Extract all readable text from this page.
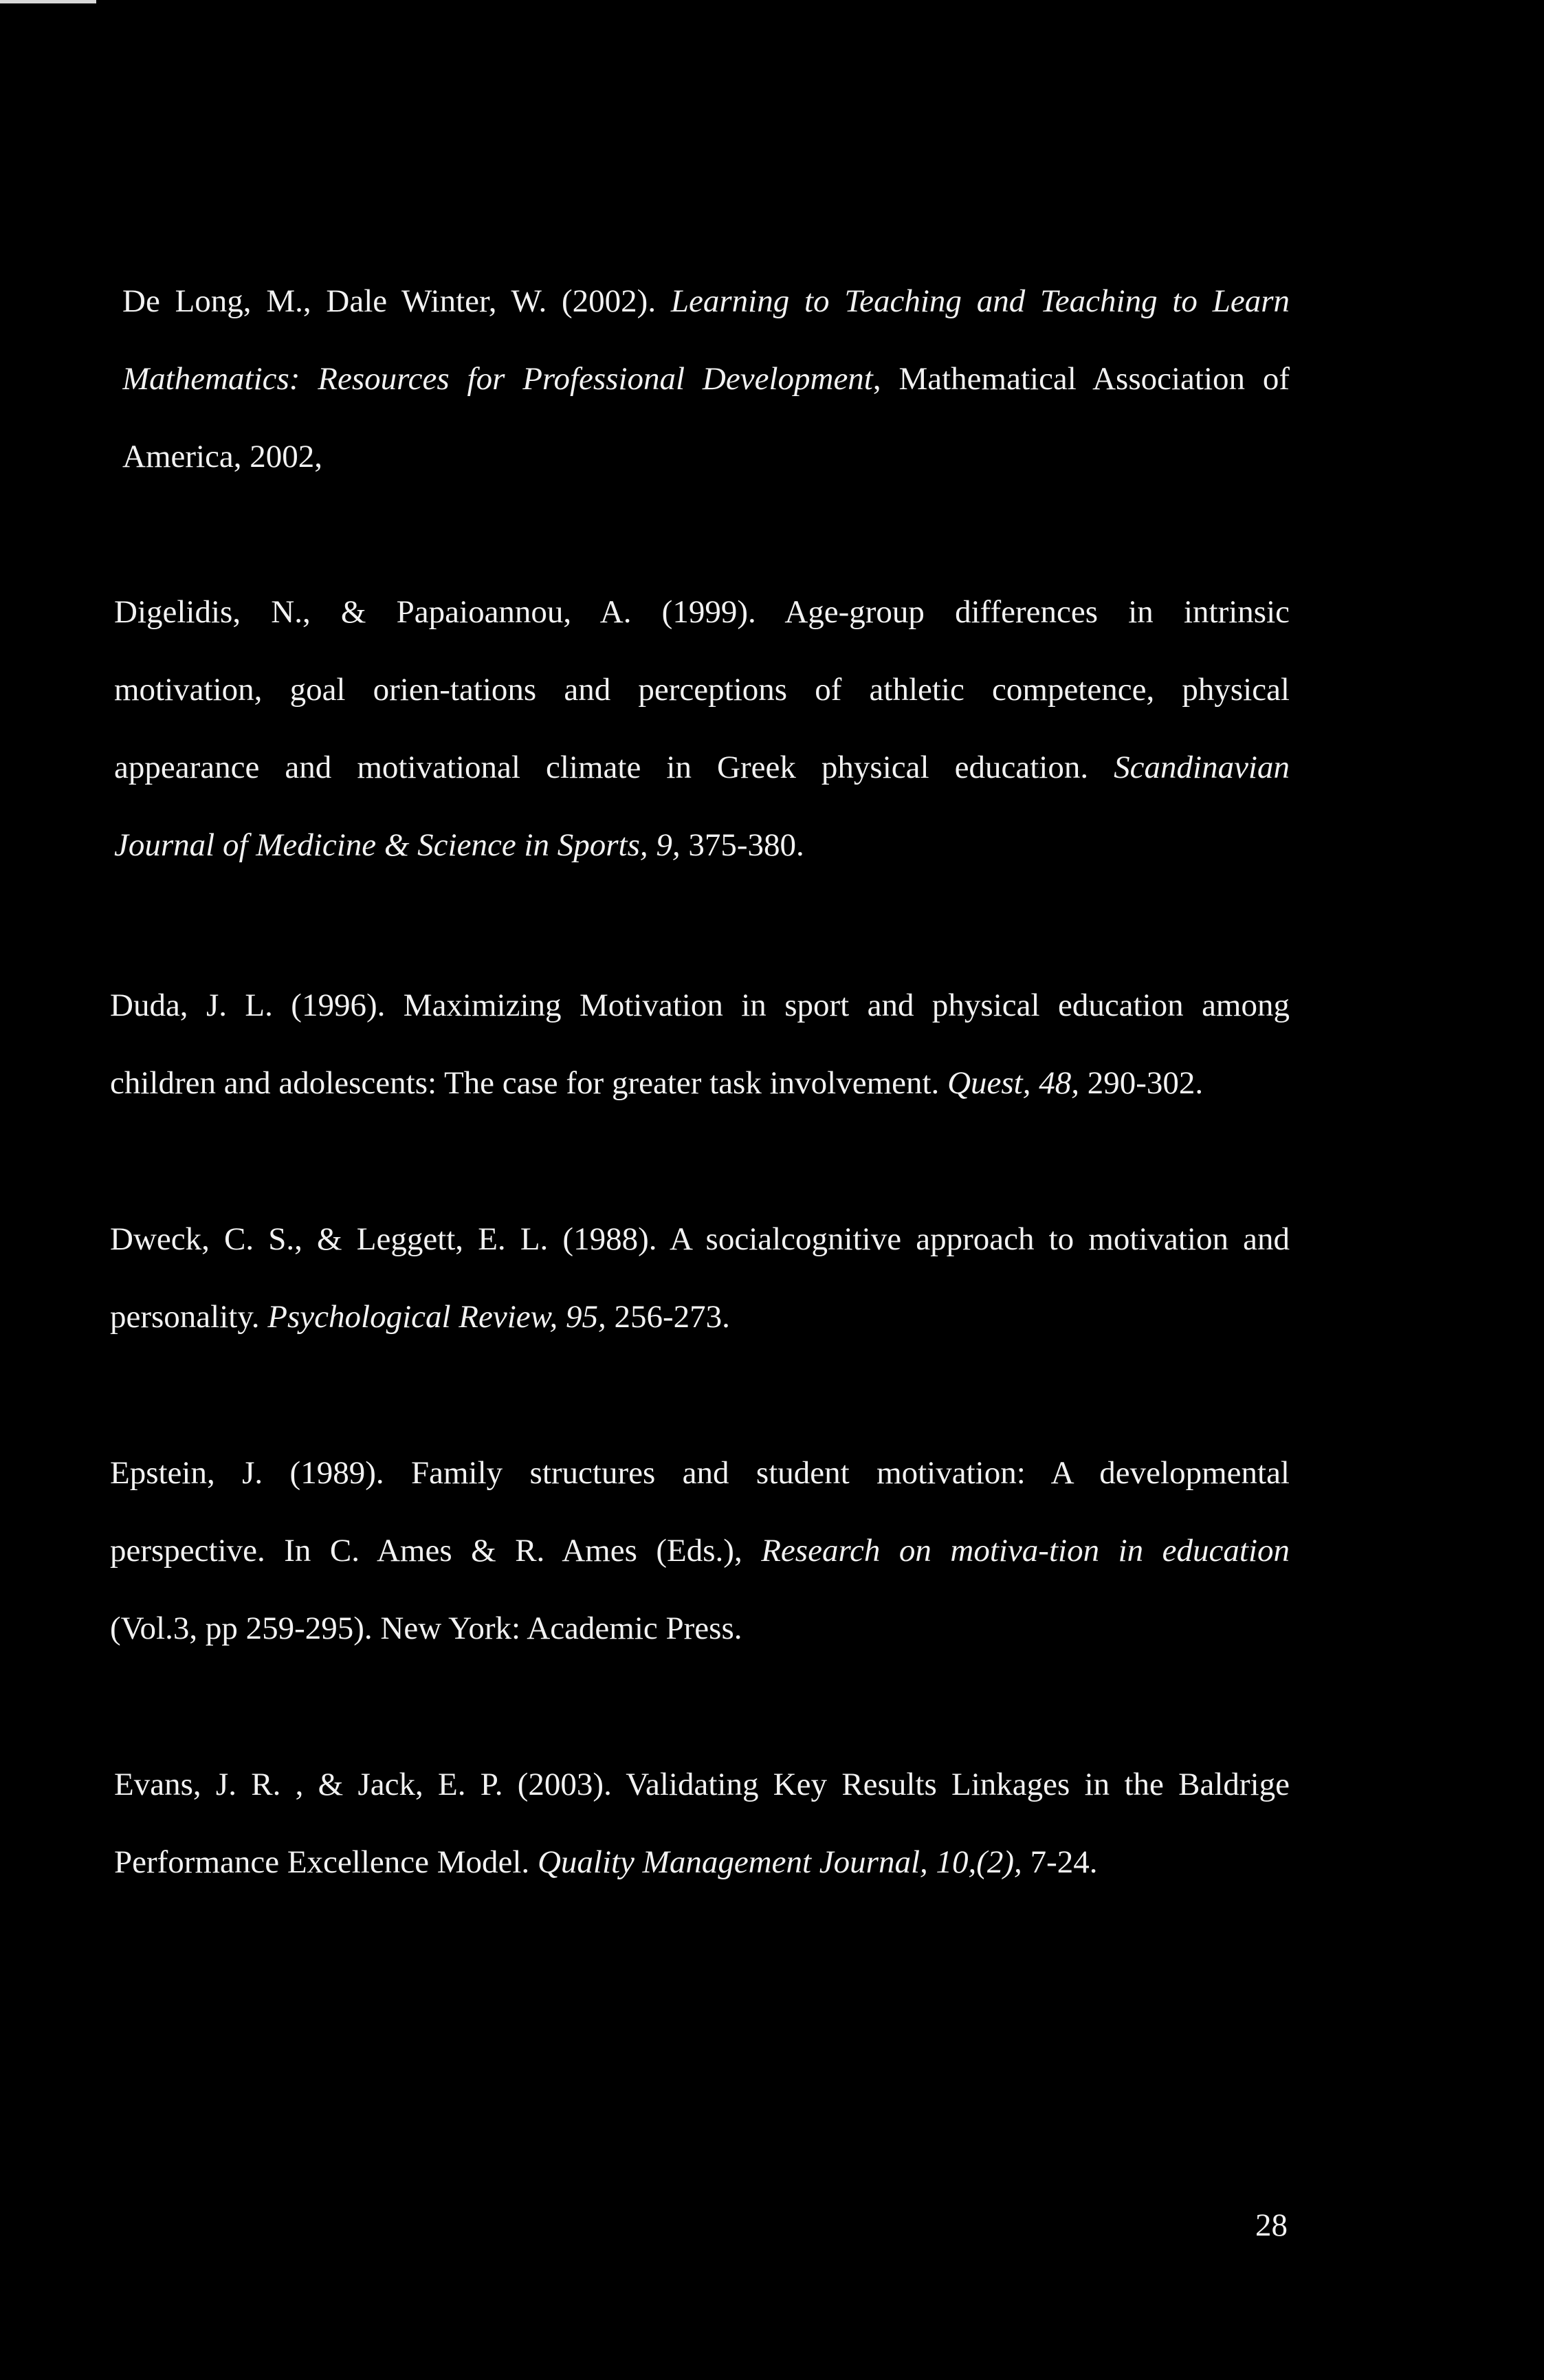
De Long, M., Dale Winter, W. (2002). Learning to Teaching and Teaching to Learn
Mathematics: Resources for Professional Development, Mathematical Association of
America, 2002,
Digelidis, N., & Papaioannou, A. (1999). Age-group differences in intrinsic
motivation, goal orien-tations and perceptions of athletic competence, physical
appearance and motivational climate in Greek physical education. Scandinavian
Journal of Medicine & Science in Sports, 9, 375-380.
Duda, J. L. (1996). Maximizing Motivation in sport and physical education among
children and adolescents: The case for greater task involvement. Quest, 48, 290-302.
Dweck, C. S., & Leggett, E. L. (1988). A socialcognitive approach to motivation and
personality. Psychological Review, 95, 256-273.
Epstein, J. (1989). Family structures and student motivation: A developmental
perspective. In C. Ames & R. Ames (Eds.), Research on motiva-tion in education
(Vol.3, pp 259-295). New York: Academic Press.
Evans, J. R. , & Jack, E. P. (2003). Validating Key Results Linkages in the Baldrige
Performance Excellence Model. Quality Management Journal, 10,(2), 7-24.
28
